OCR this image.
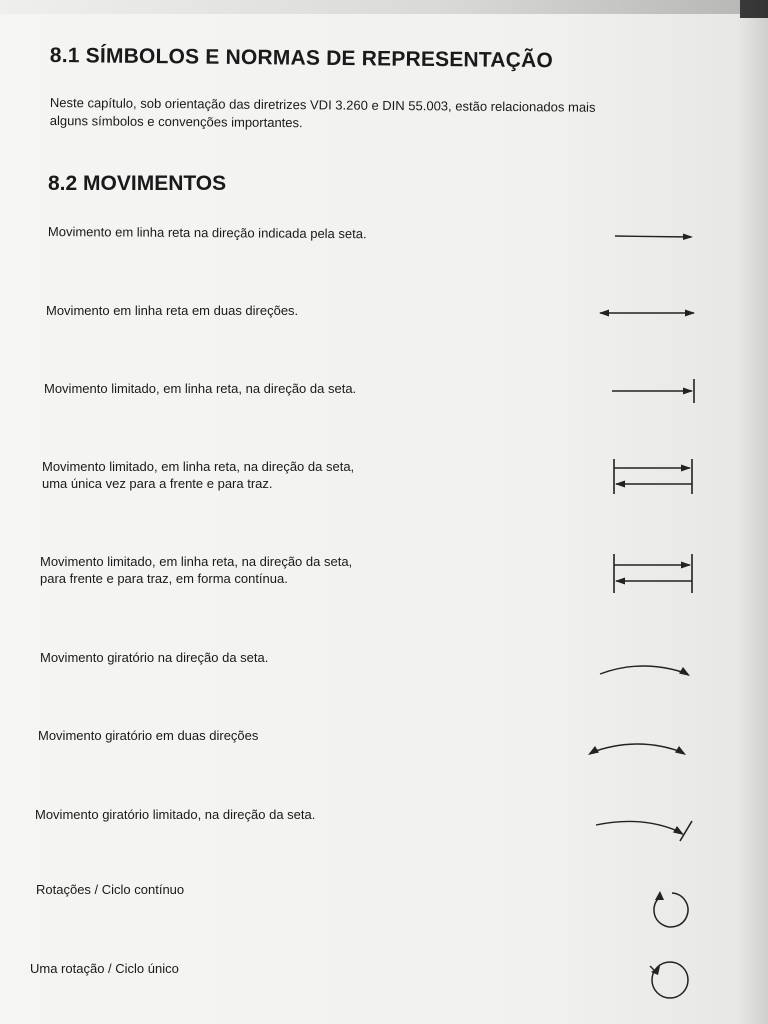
8.1 SÍMBOLOS E NORMAS DE REPRESENTAÇÃO
Neste capítulo, sob orientação das diretrizes VDI 3.260 e DIN 55.003, estão relacionados mais
alguns símbolos e convenções importantes.
8.2 MOVIMENTOS
Movimento em linha reta na direção indicada pela seta.
Movimento em linha reta em duas direções.
Movimento limitado, em linha reta, na direção da seta.
Movimento limitado, em linha reta, na direção da seta,
uma única vez para a frente e para traz.
Movimento limitado, em linha reta, na direção da seta,
para frente e para traz, em forma contínua.
Movimento giratório na direção da seta.
Movimento giratório em duas direções
Movimento giratório limitado, na direção da seta.
Rotações / Ciclo contínuo
Uma rotação / Ciclo único
